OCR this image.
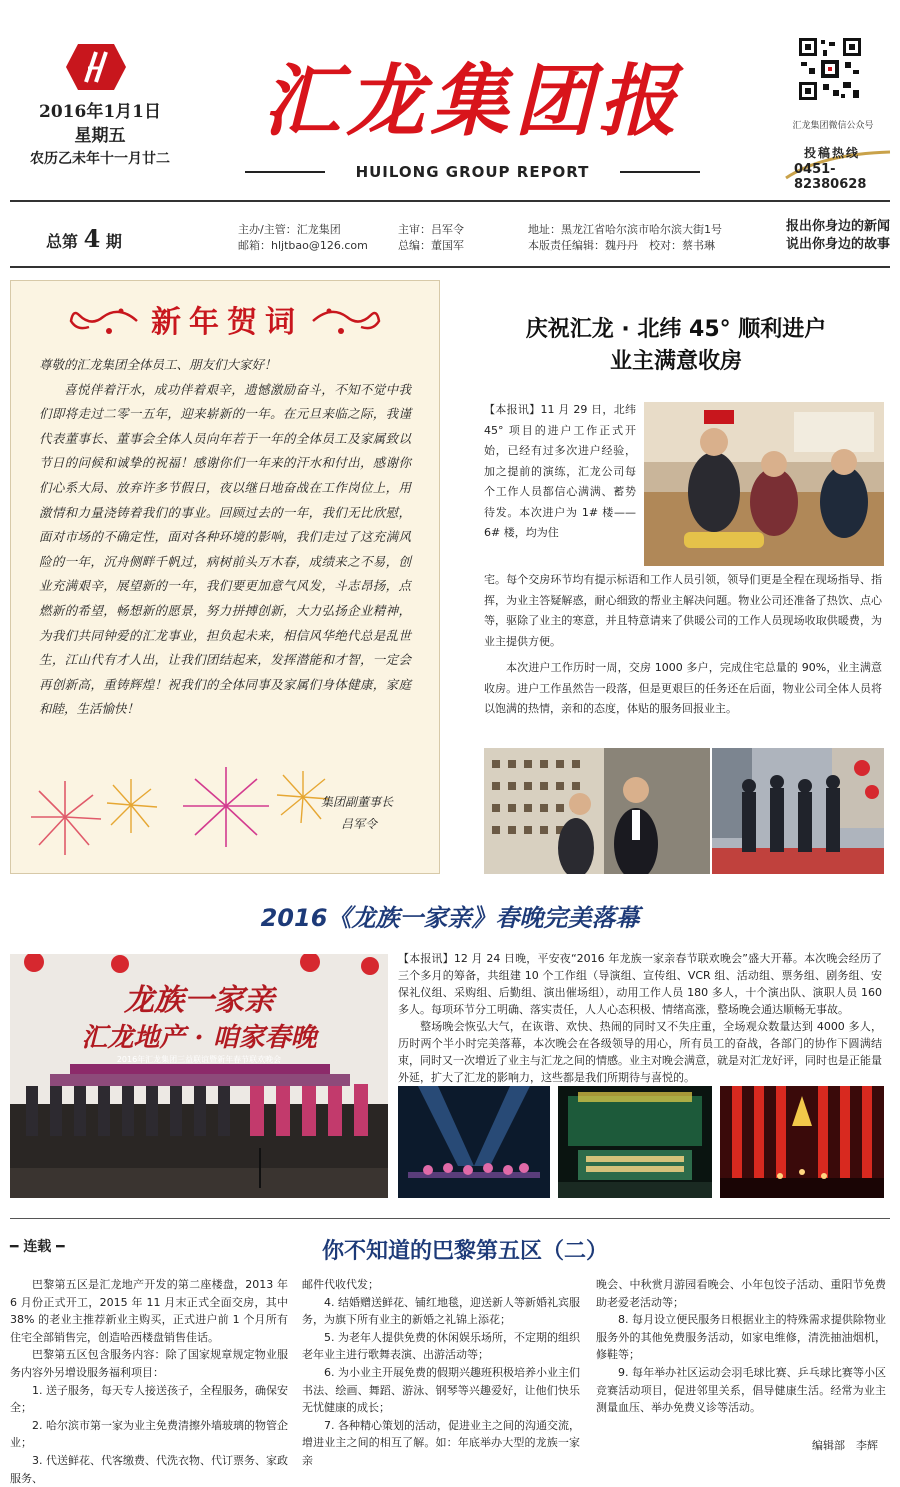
2016年1月1日
星期五
农历乙未年十一月廿二
汇龙集团报
HUILONG GROUP REPORT
汇龙集团微信公众号
投稿热线
0451-82380628
总第 4 期
主办/主管：汇龙集团
邮箱：hljtbao@126.com
主审：吕军令
总编：董国军
地址：黑龙江省哈尔滨市哈尔滨大街1号
本版责任编辑：魏丹丹　校对：蔡书琳
报出你身边的新闻
说出你身边的故事
新年贺词

尊敬的汇龙集团全体员工、朋友们大家好！

喜悦伴着汗水，成功伴着艰辛，遗憾激励奋斗，不知不觉中我们即将走过二零一五年，迎来崭新的一年。在元旦来临之际，我谨代表董事长、董事会全体人员向年若于一年的全体员工及家属致以节日的问候和诚挚的祝福！感谢你们一年来的汗水和付出，感谢你们心系大局、放弃许多节假日，夜以继日地奋战在工作岗位上，用激情和力量浇铸着我们的事业。回顾过去的一年，我们无比欣慰，面对市场的不确定性，面对各种环境的影响，我们走过了这充满风险的一年，沉舟侧畔千帆过，病树前头万木春，成绩来之不易，创业充满艰辛，展望新的一年，我们要更加意气风发，斗志昂扬，点燃新的希望，畅想新的愿景，努力拼搏创新，大力弘扬企业精神，为我们共同钟爱的汇龙事业，担负起未来，相信风华绝代总是乱世生，江山代有才人出，让我们团结起来，发挥潜能和才智，一定会再创新高，重铸辉煌！祝我们的全体同事及家属们身体健康，家庭和睦，生活愉快！

集团副董事长
吕军令
庆祝汇龙 · 北纬 45° 顺利进户
业主满意收房
【本报讯】11 月 29 日，北纬 45° 项目的进户工作正式开始，已经有过多次进户经验，加之提前的演练，汇龙公司每个工作人员都信心满满、蓄势待发。本次进户为 1# 楼——6# 楼，均为住

宅。每个交房环节均有提示标语和工作人员引领，领导们更是全程在现场指导、指挥，为业主答疑解惑，耐心细致的帮业主解决问题。物业公司还准备了热饮、点心等，驱除了业主的寒意，并且特意请来了供暖公司的工作人员现场收取供暖费，为业主提供方便。

本次进户工作历时一周，交房 1000 多户，完成住宅总量的 90%，业主满意收房。进户工作虽然告一段落，但是更艰巨的任务还在后面，物业公司全体人员将以饱满的热情，亲和的态度，体贴的服务回报业主。

2016《龙族一家亲》春晚完美落幕
龙族一家亲
汇龙地产 · 咱家春晚
2016年汇龙集团三益联谊暨新年春节联欢晚会

【本报讯】12 月 24 日晚，平安夜“2016 年龙族一家亲春节联欢晚会”盛大开幕。本次晚会经历了三个多月的筹备，共组建 10 个工作组（导演组、宣传组、VCR 组、活动组、票务组、剧务组、安保礼仪组、采购组、后勤组、演出催场组），动用工作人员 180 多人，十个演出队、演职人员 160 多人。每项环节分工明确、落实责任，人人心态积极、情绪高涨，整场晚会通达顺畅无事故。

整场晚会恢弘大气，在诙谐、欢快、热闹的同时又不失庄重，全场观众数量达到 4000 多人，历时两个半小时完美落幕，本次晚会在各级领导的用心，所有员工的奋战，各部门的协作下圆满结束，同时又一次增近了业主与汇龙之间的情感。业主对晚会满意，就是对汇龙好评，同时也是正能量外延，扩大了汇龙的影响力，这些都是我们所期待与喜悦的。

━ 连载 ━	你不知道的巴黎第五区（二）

巴黎第五区是汇龙地产开发的第二座楼盘，2013 年 6 月份正式开工，2015 年 11 月末正式全面交房，其中 38% 的老业主推荐新业主购买，正式进户前 1 个月所有住宅全部销售完，创造哈西楼盘销售佳话。

巴黎第五区包含服务内容：除了国家规章规定物业服务内容外另增设服务福利项目：

1. 送子服务，每天专人接送孩子，全程服务，确保安全；

2. 哈尔滨市第一家为业主免费清擦外墙玻璃的物管企业；

3. 代送鲜花、代客缴费、代洗衣物、代订票务、家政服务、

邮件代收代发；

4. 结婚赠送鲜花、铺红地毯，迎送新人等新婚礼宾服务，为旗下所有业主的新婚之礼锦上添花；

5. 为老年人提供免费的休闲娱乐场所，不定期的组织老年业主进行歌舞表演、出游活动等；

6. 为小业主开展免费的假期兴趣班积极培养小业主们书法、绘画、舞蹈、游泳、钢琴等兴趣爱好，让他们快乐无忧健康的成长；

7. 各种精心策划的活动，促进业主之间的沟通交流，增进业主之间的相互了解。如：年底举办大型的龙族一家亲

晚会、中秋赏月游园看晚会、小年包饺子活动、重阳节免费助老爱老活动等；

8. 每月设立便民服务日根据业主的特殊需求提供除物业服务外的其他免费服务活动，如家电维修，清洗抽油烟机，修鞋等；

9. 每年举办社区运动会羽毛球比赛、乒乓球比赛等小区竞赛活动项目，促进邻里关系，倡导健康生活。经常为业主测量血压、举办免费义诊等活动。

编辑部　李辉
